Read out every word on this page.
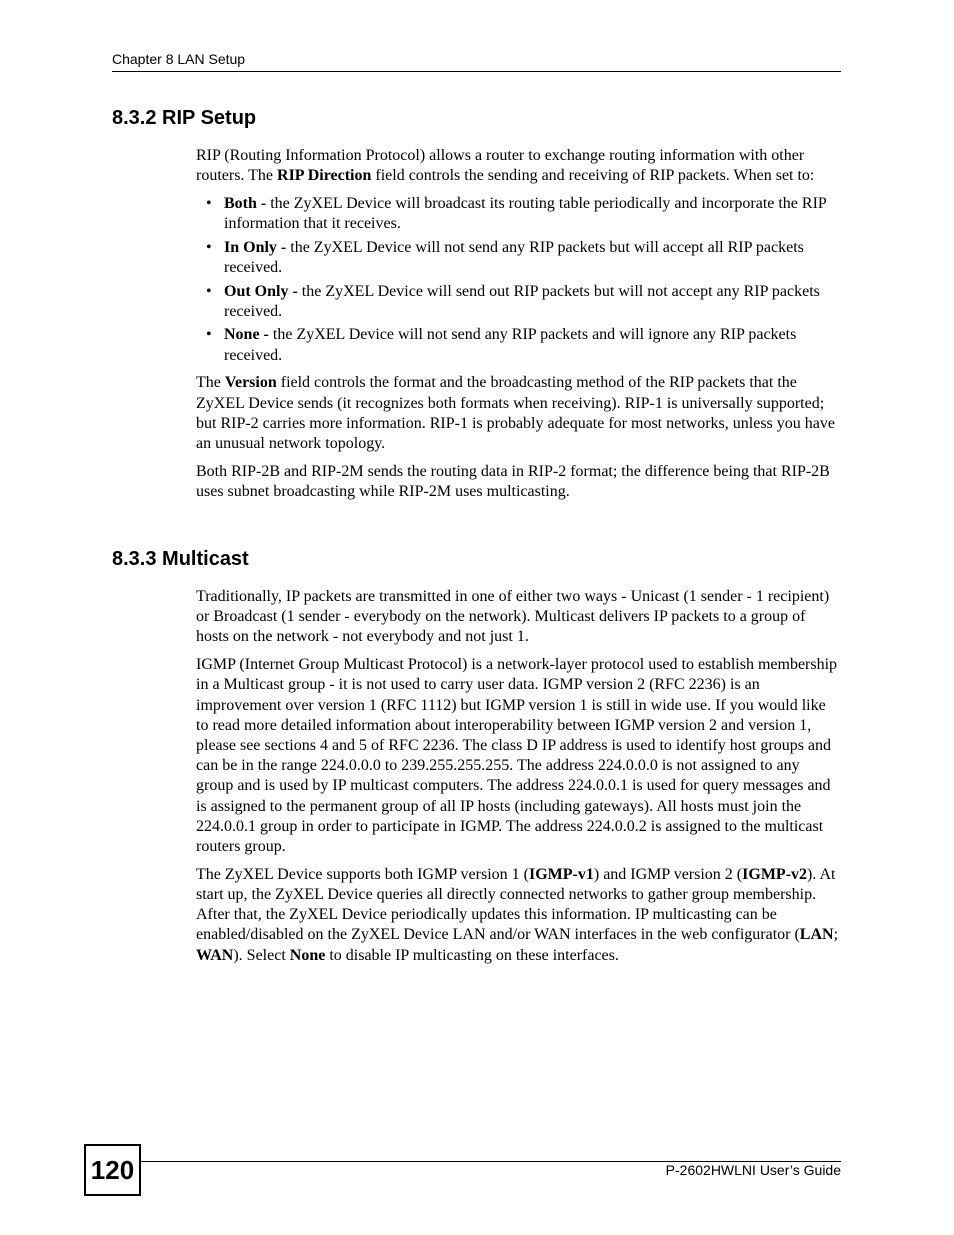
Chapter 8 LAN Setup
8.3.2 RIP Setup

RIP (Routing Information Protocol) allows a router to exchange routing information with other routers. The RIP Direction field controls the sending and receiving of RIP packets. When set to:

• Both - the ZyXEL Device will broadcast its routing table periodically and incorporate the RIP information that it receives.
• In Only - the ZyXEL Device will not send any RIP packets but will accept all RIP packets received.
• Out Only - the ZyXEL Device will send out RIP packets but will not accept any RIP packets received.
• None - the ZyXEL Device will not send any RIP packets and will ignore any RIP packets received.

The Version field controls the format and the broadcasting method of the RIP packets that the ZyXEL Device sends (it recognizes both formats when receiving). RIP-1 is universally supported; but RIP-2 carries more information. RIP-1 is probably adequate for most networks, unless you have an unusual network topology.

Both RIP-2B and RIP-2M sends the routing data in RIP-2 format; the difference being that RIP-2B uses subnet broadcasting while RIP-2M uses multicasting.

8.3.3 Multicast

Traditionally, IP packets are transmitted in one of either two ways - Unicast (1 sender - 1 recipient) or Broadcast (1 sender - everybody on the network). Multicast delivers IP packets to a group of hosts on the network - not everybody and not just 1.

IGMP (Internet Group Multicast Protocol) is a network-layer protocol used to establish membership in a Multicast group - it is not used to carry user data. IGMP version 2 (RFC 2236) is an improvement over version 1 (RFC 1112) but IGMP version 1 is still in wide use. If you would like to read more detailed information about interoperability between IGMP version 2 and version 1, please see sections 4 and 5 of RFC 2236. The class D IP address is used to identify host groups and can be in the range 224.0.0.0 to 239.255.255.255. The address 224.0.0.0 is not assigned to any group and is used by IP multicast computers. The address 224.0.0.1 is used for query messages and is assigned to the permanent group of all IP hosts (including gateways). All hosts must join the 224.0.0.1 group in order to participate in IGMP. The address 224.0.0.2 is assigned to the multicast routers group.

The ZyXEL Device supports both IGMP version 1 (IGMP-v1) and IGMP version 2 (IGMP-v2). At start up, the ZyXEL Device queries all directly connected networks to gather group membership. After that, the ZyXEL Device periodically updates this information. IP multicasting can be enabled/disabled on the ZyXEL Device LAN and/or WAN interfaces in the web configurator (LAN; WAN). Select None to disable IP multicasting on these interfaces.

120	P-2602HWLNI User’s Guide
